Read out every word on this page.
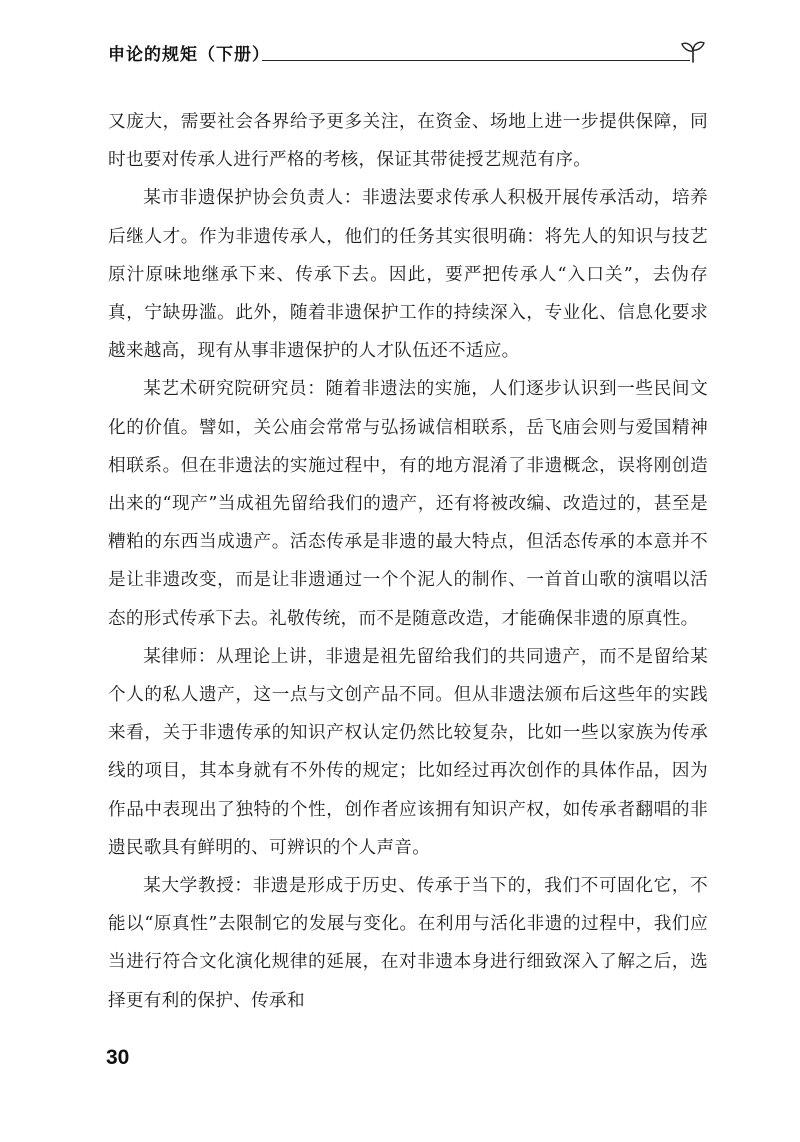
申论的规矩（下册）

又庞大，需要社会各界给予更多关注，在资金、场地上进一步提供保障，同时也要对传承人进行严格的考核，保证其带徒授艺规范有序。

某市非遗保护协会负责人：非遗法要求传承人积极开展传承活动，培养后继人才。作为非遗传承人，他们的任务其实很明确：将先人的知识与技艺原汁原味地继承下来、传承下去。因此，要严把传承人“入口关”，去伪存真，宁缺毋滥。此外，随着非遗保护工作的持续深入，专业化、信息化要求越来越高，现有从事非遗保护的人才队伍还不适应。

某艺术研究院研究员：随着非遗法的实施，人们逐步认识到一些民间文化的价值。譬如，关公庙会常常与弘扬诚信相联系，岳飞庙会则与爱国精神相联系。但在非遗法的实施过程中，有的地方混淆了非遗概念，误将刚创造出来的“现产”当成祖先留给我们的遗产，还有将被改编、改造过的，甚至是糟粕的东西当成遗产。活态传承是非遗的最大特点，但活态传承的本意并不是让非遗改变，而是让非遗通过一个个泥人的制作、一首首山歌的演唱以活态的形式传承下去。礼敬传统，而不是随意改造，才能确保非遗的原真性。

某律师：从理论上讲，非遗是祖先留给我们的共同遗产，而不是留给某个人的私人遗产，这一点与文创产品不同。但从非遗法颁布后这些年的实践来看，关于非遗传承的知识产权认定仍然比较复杂，比如一些以家族为传承线的项目，其本身就有不外传的规定；比如经过再次创作的具体作品，因为作品中表现出了独特的个性，创作者应该拥有知识产权，如传承者翻唱的非遗民歌具有鲜明的、可辨识的个人声音。

某大学教授：非遗是形成于历史、传承于当下的，我们不可固化它，不能以“原真性”去限制它的发展与变化。在利用与活化非遗的过程中，我们应当进行符合文化演化规律的延展，在对非遗本身进行细致深入了解之后，选择更有利的保护、传承和

30
